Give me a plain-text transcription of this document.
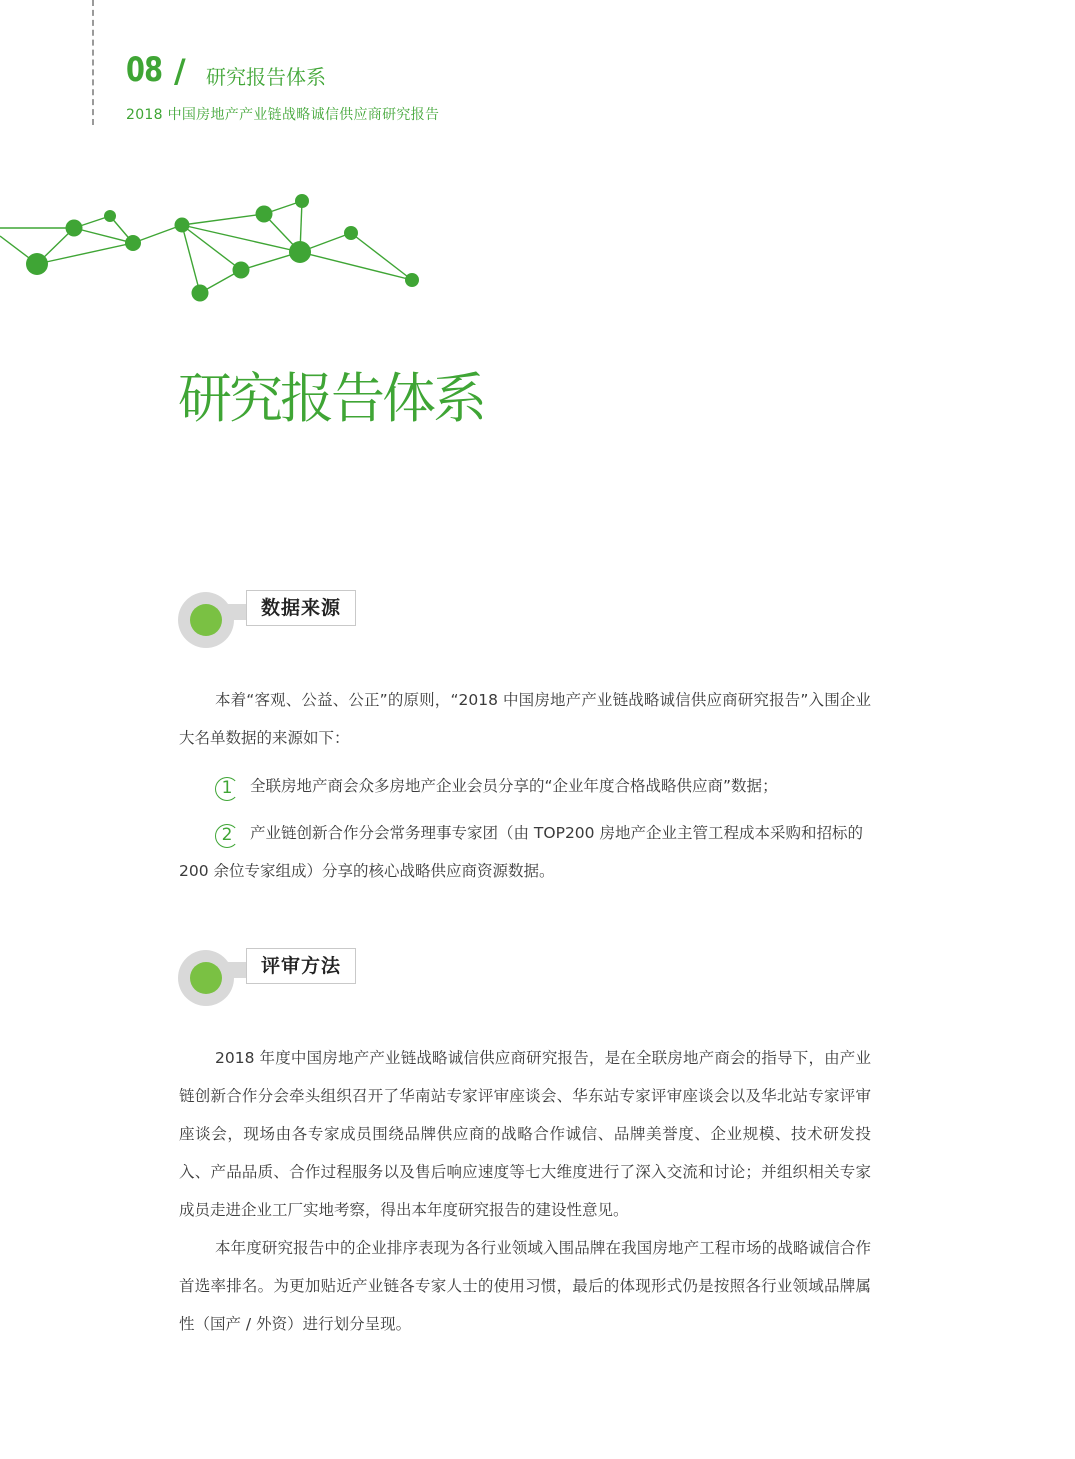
08 / 研究报告体系
2018 中国房地产产业链战略诚信供应商研究报告
研究报告体系
数据来源

本着“客观、公益、公正”的原则，“2018 中国房地产产业链战略诚信供应商研究报告”入围企业大名单数据的来源如下：

1 全联房地产商会众多房地产企业会员分享的“企业年度合格战略供应商”数据；

2 产业链创新合作分会常务理事专家团（由 TOP200 房地产企业主管工程成本采购和招标的 200 余位专家组成）分享的核心战略供应商资源数据。

评审方法

2018 年度中国房地产产业链战略诚信供应商研究报告，是在全联房地产商会的指导下，由产业链创新合作分会牵头组织召开了华南站专家评审座谈会、华东站专家评审座谈会以及华北站专家评审座谈会，现场由各专家成员围绕品牌供应商的战略合作诚信、品牌美誉度、企业规模、技术研发投入、产品品质、合作过程服务以及售后响应速度等七大维度进行了深入交流和讨论；并组织相关专家成员走进企业工厂实地考察，得出本年度研究报告的建设性意见。

本年度研究报告中的企业排序表现为各行业领域入围品牌在我国房地产工程市场的战略诚信合作首选率排名。为更加贴近产业链各专家人士的使用习惯，最后的体现形式仍是按照各行业领域品牌属性（国产 / 外资）进行划分呈现。
